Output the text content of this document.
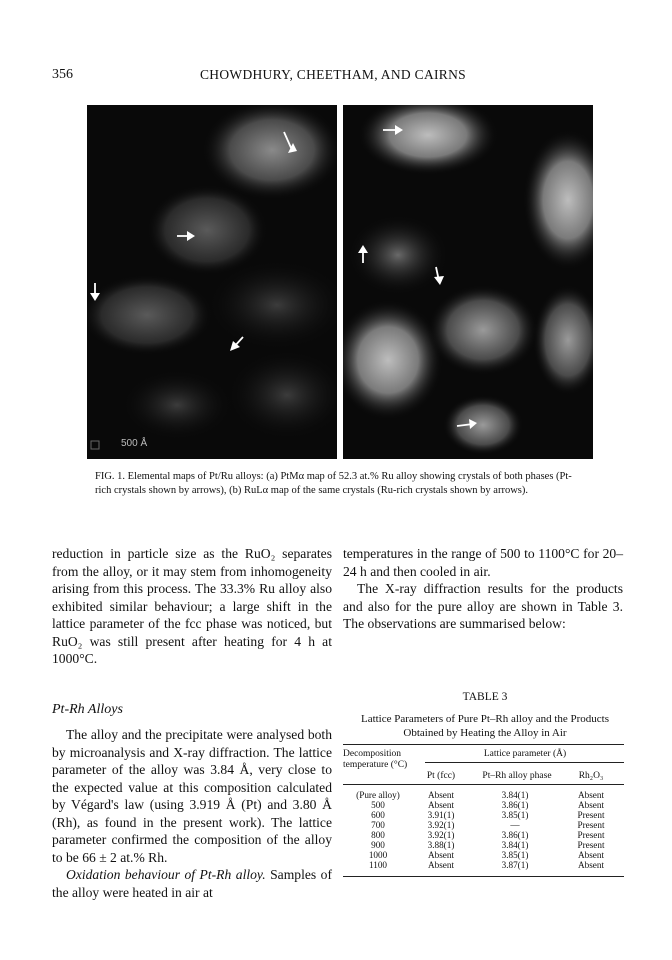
356	CHOWDHURY, CHEETHAM, AND CAIRNS
500 Å
FIG. 1. Elemental maps of Pt/Ru alloys: (a) PtMα map of 52.3 at.% Ru alloy showing crystals of both phases (Pt-rich crystals shown by arrows), (b) RuLα map of the same crystals (Ru-rich crystals shown by arrows).

reduction in particle size as the RuO₂ separates from the alloy, or it may stem from inhomogeneity arising from this process. The 33.3% Ru alloy also exhibited similar behaviour; a large shift in the lattice parameter of the fcc phase was noticed, but RuO₂ was still present after heating for 4 h at 1000°C.

Pt-Rh Alloys

The alloy and the precipitate were analysed both by microanalysis and X-ray diffraction. The lattice parameter of the alloy was 3.84 Å, very close to the expected value at this composition calculated by Végard's law (using 3.919 Å (Pt) and 3.80 Å (Rh), as found in the present work). The lattice parameter confirmed the composition of the alloy to be 66 ± 2 at.% Rh.

Oxidation behaviour of Pt-Rh alloy. Samples of the alloy were heated in air at

temperatures in the range of 500 to 1100°C for 20–24 h and then cooled in air.

The X-ray diffraction results for the products and also for the pure alloy are shown in Table 3. The observations are summarised below:

TABLE 3
Lattice Parameters of Pure Pt–Rh alloy and the Products Obtained by Heating the Alloy in Air
Decomposition temperature (°C)
Lattice parameter (Å)
Pt (fcc)	Pt–Rh alloy phase	Rh₂O₃
(Pure alloy)	Absent	3.84(1)	Absent
500	Absent	3.86(1)	Absent
600	3.91(1)	3.85(1)	Present
700	3.92(1)	—	Present
800	3.92(1)	3.86(1)	Present
900	3.88(1)	3.84(1)	Present
1000	Absent	3.85(1)	Absent
1100	Absent	3.87(1)	Absent
